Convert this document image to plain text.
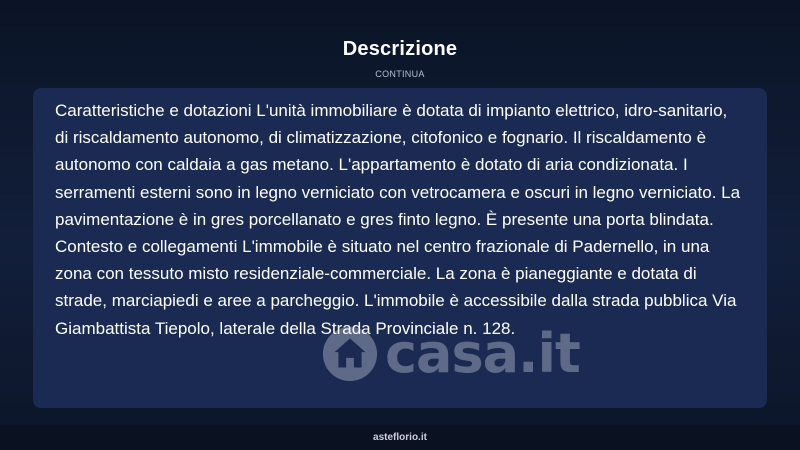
Descrizione
CONTINUA
casa.it

Caratteristiche e dotazioni L'unità immobiliare è dotata di impianto elettrico, idro-sanitario, di riscaldamento autonomo, di climatizzazione, citofonico e fognario. Il riscaldamento è autonomo con caldaia a gas metano. L'appartamento è dotato di aria condizionata. I serramenti esterni sono in legno verniciato con vetrocamera e oscuri in legno verniciato. La pavimentazione è in gres porcellanato e gres finto legno. È presente una porta blindata. Contesto e collegamenti L'immobile è situato nel centro frazionale di Padernello, in una zona con tessuto misto residenziale-commerciale. La zona è pianeggiante e dotata di strade, marciapiedi e aree a parcheggio. L'immobile è accessibile dalla strada pubblica Via Giambattista Tiepolo, laterale della Strada Provinciale n. 128.

asteflorio.it
